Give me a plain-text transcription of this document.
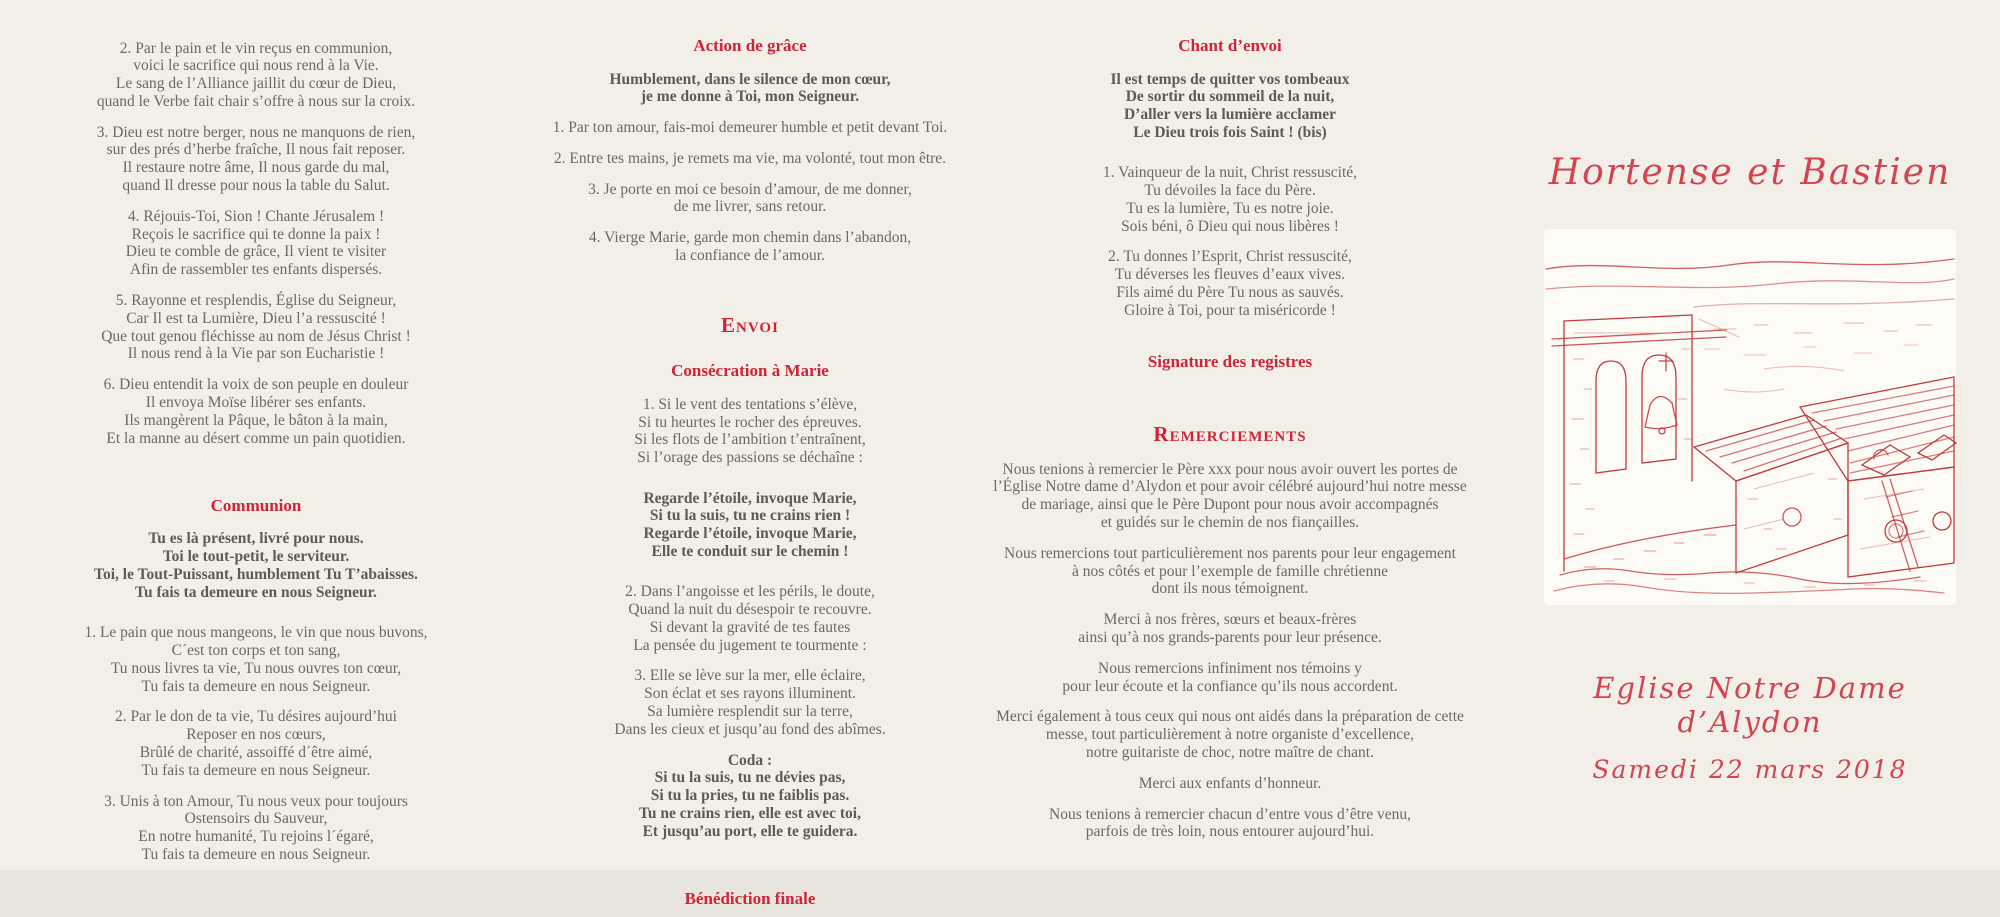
2. Par le pain et le vin reçus en communion,
voici le sacrifice qui nous rend à la Vie.
Le sang de l’Alliance jaillit du cœur de Dieu,
quand le Verbe fait chair s’offre à nous sur la croix.
3. Dieu est notre berger, nous ne manquons de rien,
sur des prés d’herbe fraîche, Il nous fait reposer.
Il restaure notre âme, Il nous garde du mal,
quand Il dresse pour nous la table du Salut.
4. Réjouis-Toi, Sion ! Chante Jérusalem !
Reçois le sacrifice qui te donne la paix !
Dieu te comble de grâce, Il vient te visiter
Afin de rassembler tes enfants dispersés.
5. Rayonne et resplendis, Église du Seigneur,
Car Il est ta Lumière, Dieu l’a ressuscité !
Que tout genou fléchisse au nom de Jésus Christ !
Il nous rend à la Vie par son Eucharistie !
6. Dieu entendit la voix de son peuple en douleur
Il envoya Moïse libérer ses enfants.
Ils mangèrent la Pâque, le bâton à la main,
Et la manne au désert comme un pain quotidien.
Communion
Tu es là présent, livré pour nous.
Toi le tout-petit, le serviteur.
Toi, le Tout-Puissant, humblement Tu T’abaisses.
Tu fais ta demeure en nous Seigneur.
1. Le pain que nous mangeons, le vin que nous buvons,
C´est ton corps et ton sang,
Tu nous livres ta vie, Tu nous ouvres ton cœur,
Tu fais ta demeure en nous Seigneur.
2. Par le don de ta vie, Tu désires aujourd’hui
Reposer en nos cœurs,
Brûlé de charité, assoiffé d´être aimé,
Tu fais ta demeure en nous Seigneur.
3. Unis à ton Amour, Tu nous veux pour toujours
Ostensoirs du Sauveur,
En notre humanité, Tu rejoins l´égaré,
Tu fais ta demeure en nous Seigneur.
Action de grâce
Humblement, dans le silence de mon cœur,
je me donne à Toi, mon Seigneur.
1. Par ton amour, fais-moi demeurer humble et petit devant Toi.
2. Entre tes mains, je remets ma vie, ma volonté, tout mon être.
3. Je porte en moi ce besoin d’amour, de me donner,
de me livrer, sans retour.
4. Vierge Marie, garde mon chemin dans l’abandon,
la confiance de l’amour.
Envoi
Consécration à Marie
1. Si le vent des tentations s’élève,
Si tu heurtes le rocher des épreuves.
Si les flots de l’ambition t’entraînent,
Si l’orage des passions se déchaîne :
Regarde l’étoile, invoque Marie,
Si tu la suis, tu ne crains rien !
Regarde l’étoile, invoque Marie,
Elle te conduit sur le chemin !
2. Dans l’angoisse et les périls, le doute,
Quand la nuit du désespoir te recouvre.
Si devant la gravité de tes fautes
La pensée du jugement te tourmente :
3. Elle se lève sur la mer, elle éclaire,
Son éclat et ses rayons illuminent.
Sa lumière resplendit sur la terre,
Dans les cieux et jusqu’au fond des abîmes.
Coda :
Si tu la suis, tu ne dévies pas,
Si tu la pries, tu ne faiblis pas.
Tu ne crains rien, elle est avec toi,
Et jusqu’au port, elle te guidera.
Bénédiction finale
Chant d’envoi
Il est temps de quitter vos tombeaux
De sortir du sommeil de la nuit,
D’aller vers la lumière acclamer
Le Dieu trois fois Saint ! (bis)
1. Vainqueur de la nuit, Christ ressuscité,
Tu dévoiles la face du Père.
Tu es la lumière, Tu es notre joie.
Sois béni, ô Dieu qui nous libères !
2. Tu donnes l’Esprit, Christ ressuscité,
Tu déverses les fleuves d’eaux vives.
Fils aimé du Père Tu nous as sauvés.
Gloire à Toi, pour ta miséricorde !
Signature des registres
Remerciements
Nous tenions à remercier le Père xxx pour nous avoir ouvert les portes de
l’Église Notre dame d’Alydon et pour avoir célébré aujourd’hui notre messe
de mariage, ainsi que le Père Dupont pour nous avoir accompagnés
et guidés sur le chemin de nos fiançailles.
Nous remercions tout particulièrement nos parents pour leur engagement
à nos côtés et pour l’exemple de famille chrétienne
dont ils nous témoignent.
Merci à nos frères, sœurs et beaux-frères
ainsi qu’à nos grands-parents pour leur présence.
Nous remercions infiniment nos témoins y
pour leur écoute et la confiance qu’ils nous accordent.
Merci également à tous ceux qui nous ont aidés dans la préparation de cette
messe, tout particulièrement à notre organiste d’excellence,
notre guitariste de choc, notre maître de chant.
Merci aux enfants d’honneur.
Nous tenions à remercier chacun d’entre vous d’être venu,
parfois de très loin, nous entourer aujourd’hui.
Hortense et Bastien
Eglise Notre Dame d’Alydon
Samedi 22 mars 2018
